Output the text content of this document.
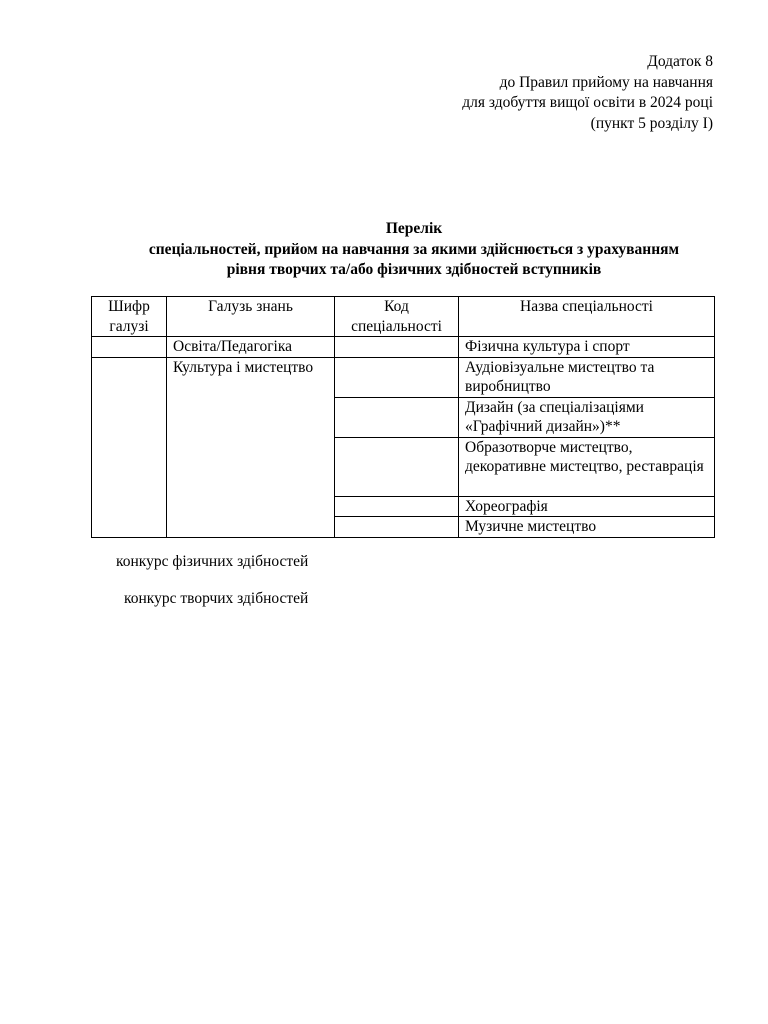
Додаток 8
до Правил прийому на навчання
для здобуття вищої освіти в 2024 році
(пункт 5 розділу I)
Перелік
спеціальностей, прийом на навчання за якими здійснюється з урахуванням
рівня творчих та/або фізичних здібностей вступників
Шифр галузі	Галузь знань	Код спеціальності	Назва спеціальності
	Освіта/Педагогіка		Фізична культура і спорт
	Культура і мистецтво		Аудіовізуальне мистецтво та виробництво
			Дизайн (за спеціалізаціями «Графічний дизайн»)**
			Образотворче мистецтво, декоративне мистецтво, реставрація
			Хореографія
			Музичне мистецтво
конкурс фізичних здібностей
конкурс творчих здібностей
